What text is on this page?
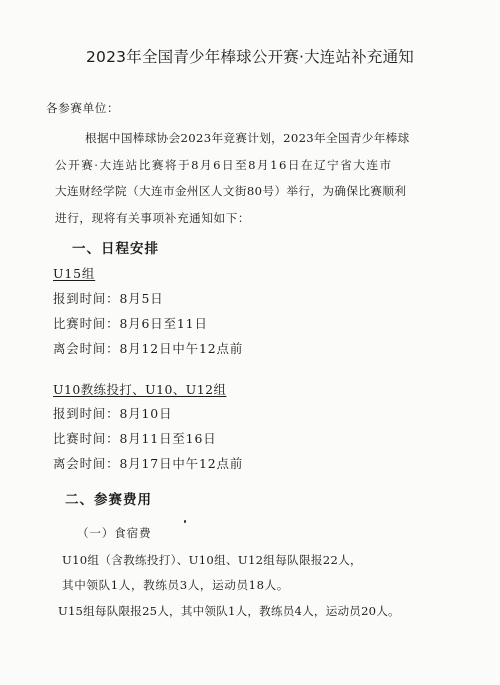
2023年全国青少年棒球公开赛·大连站补充通知
各参赛单位：
根据中国棒球协会2023年竞赛计划，2023年全国青少年棒球
公开赛·大连站比赛将于8月6日至8月16日在辽宁省大连市
大连财经学院（大连市金州区人文街80号）举行，为确保比赛顺利
进行，现将有关事项补充通知如下：
一、日程安排
U15组
报到时间：8月5日
比赛时间：8月6日至11日
离会时间：8月12日中午12点前
U10教练投打、U10、U12组
报到时间：8月10日
比赛时间：8月11日至16日
离会时间：8月17日中午12点前
二、参赛费用
（一）食宿费
U10组（含教练投打）、U10组、U12组每队限报22人，
其中领队1人，教练员3人，运动员18人。
U15组每队限报25人，其中领队1人，教练员4人，运动员20人。
